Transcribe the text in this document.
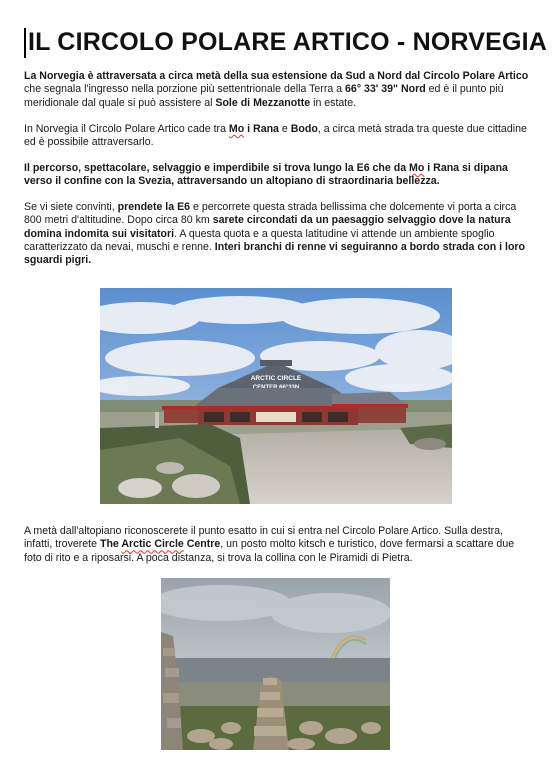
IL CIRCOLO POLARE ARTICO - NORVEGIA

La Norvegia è attraversata a circa metà della sua estensione da Sud a Nord dal Circolo Polare Artico che segnala l'ingresso nella porzione più settentrionale della Terra a 66° 33' 39" Nord ed è il punto più meridionale dal quale si può assistere al Sole di Mezzanotte in estate.

In Norvegia il Circolo Polare Artico cade tra Mo i Rana e Bodo, a circa metà strada tra queste due cittadine ed è possibile attraversarlo.

Il percorso, spettacolare, selvaggio e imperdibile si trova lungo la E6 che da Mo i Rana si dipana verso il confine con la Svezia, attraversando un altopiano di straordinaria bellezza.

Se vi siete convinti, prendete la E6 e percorrete questa strada bellissima che dolcemente vi porta a circa 800 metri d'altitudine. Dopo circa 80 km sarete circondati da un paesaggio selvaggio dove la natura domina indomita sui visitatori. A questa quota e a questa latitudine vi attende un ambiente spoglio caratterizzato da nevai, muschi e renne. Interi branchi di renne vi seguiranno a bordo strada con i loro sguardi pigri.

ARCTIC CIRCLE

A metà dall'altopiano riconoscerete il punto esatto in cui si entra nel Circolo Polare Artico. Sulla destra, infatti, troverete The Arctic Circle Centre, un posto molto kitsch e turistico, dove fermarsi a scattare due foto di rito e a riposarsi. A poca distanza, si trova la collina con le Piramidi di Pietra.
